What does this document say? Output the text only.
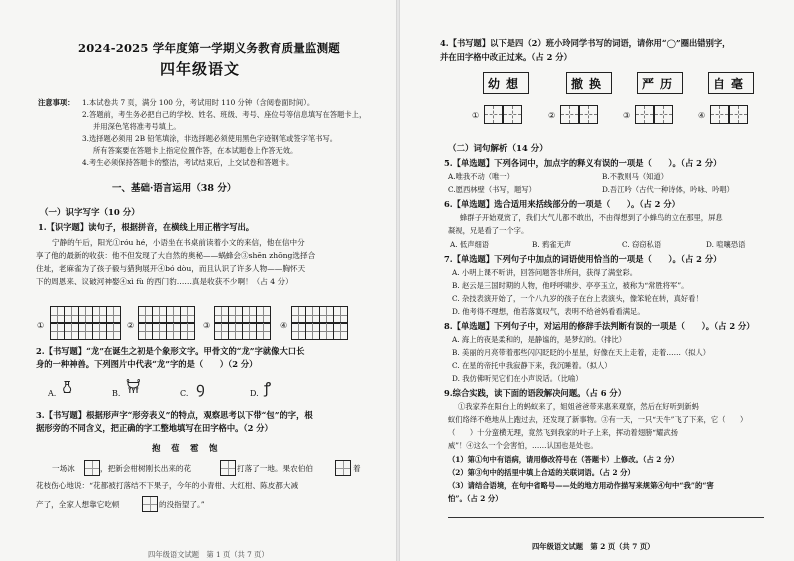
2024-2025 学年度第一学期义务教育质量监测题
四年级语文
注意事项： 1.本试卷共 7 页，满分 100 分，考试用时 110 分钟（含阅卷面时间）。
2.答题前，考生务必把自己的学校、姓名、班级、考号、座位号等信息填写在答题卡上，
并用深色笔将准考号填上。
3.选择题必须用 2B 铅笔填涂，非选择题必须使用黑色字迹钢笔或签字笔书写。
所有答案要在答题卡上指定位置作答，在本试题卷上作答无效。
4.考生必须保持答题卡的整洁，考试结束后，上交试卷和答题卡。
一、基础·语言运用（38 分）
（一）识字写字（10 分）
1.【识字题】读句子，根据拼音，在横线上用正楷字写出。
宁静的午后，阳光①róu hé，小语坐在书桌前读着小文的来信，他在信中分
享了他的最新的收获：他不但发现了大自然的奥秘——蜗蜂会③shēn zhōng选择合
住址，老麻雀为了孩子毅与猎狗展开④bó dòu，而且认识了许多人物——胸怀天
下的周恩来、议破河神娶④xì fù 的西门豹……真是收获不少啊！（占 4 分）
①	②	③	④
2.【书写题】“龙”在诞生之初是个象形文字。甲骨文的“龙”字就像大口长
身的一种神兽。下列图片中代表“龙”字的是（　　）（2 分）
A. 𐃰	B. 𐃠	C. ꝯ	D. ꝭ
3.【书写题】根据形声字“形旁表义”的特点，观察思考以下带“包”的字，根
据形旁的不同含义，把正确的字工整地填写在田字格中。（2 分）
抱　苞　雹　饱
一场冰	，把新会柑树刚长出来的花	打落了一地。果农伯伯	着
花枝伤心地说：“花都被打落结不下果子，今年的小青柑、大红柑、陈皮都大减
产了，全家人想靠它吃顿	的没指望了。”
四年级语文试题　第 1 页（共 7 页）
4.【书写题】以下是四（2）班小玲同学书写的词语，请你用“◯”圈出错别字，
并在田字格中改正过来。（占 2 分）
幼想	撤换	严历	自毫
①	②	③	④
（二）词句解析（14 分）
5.【单选题】下列各词中，加点字的释义有误的一项是（　　）。（占 2 分）
A.唯我不动（唯一）	B.不教则马（知道）
C.愿西林壁（书写，题写）	D.吾江吟（古代一种诗体，吟咏、吟唱）
6.【单选题】选合适用来括线部分的一项是（　　）。（占 2 分）
蜂群子开始观赏了，我们大气儿都不敢出，不由得想到了小蜂鸟的立在那里，屏息
凝视，兄是看了一个字。
A. 低声细语	B. 鸦雀无声	C. 窃窃私语	D. 喧嚷恐语
7.【单选题】下列句子中加点的词语使用恰当的一项是（　　）。（占 2 分）
A. 小明上课不听讲，回答问题答非所问，获得了满堂彩。
B. 赵云是三国时期的人物，他呼呼啸步、亭亭玉立，被称为“常胜将军”。
C. 杂技表演开始了，一个八九岁的孩子在台上表演头，像笨轮在转，真好看！
D. 他考得不理想，他若落寞叹气，表明不给爸妈看看满足。
8.【单选题】下列句子中，对运用的修辞手法判断有误的一项是（　　）。（占 2 分）
A. 海上的夜是柔和的，是静谧的，是梦幻的。（排比）
B. 美丽的月亮带着那些闪闪眨眨的小星星，好像在天上走着，走着……（拟人）
C. 在星的帝托中我寂静下来，我沉睡着。（拟人）
D. 我仿佛听见它们在小声说话。（比喻）
9.综合实践，读下面的语段解决问题。（占 6 分）
①我家养在阳台上的蚂蚁来了，姐姐爸爸带来惠来观察，然后在好听到新蚂
蚁们络绎不绝地从上跑过去，还发现了新事物。③有一天，一只“天牛”飞了下来，它（　　）
（　　）十分蛮横无理，竟然飞到我家的叶子上来，挥动着翅膀“耀武扬
威”！④这么一个会害怕，……认国也是处也。
（1）第①句中有语病，请用修改符号在（答题卡）上修改。（占 2 分）
（2）第③句中的括里中填上合适的关联词语。（占 2 分）
（3）请结合语境，在句中省略号——处的地方用动作描写来规第④句中“我”的“害
怕”。（占 2 分）
四年级语文试题　第 2 页（共 7 页）
